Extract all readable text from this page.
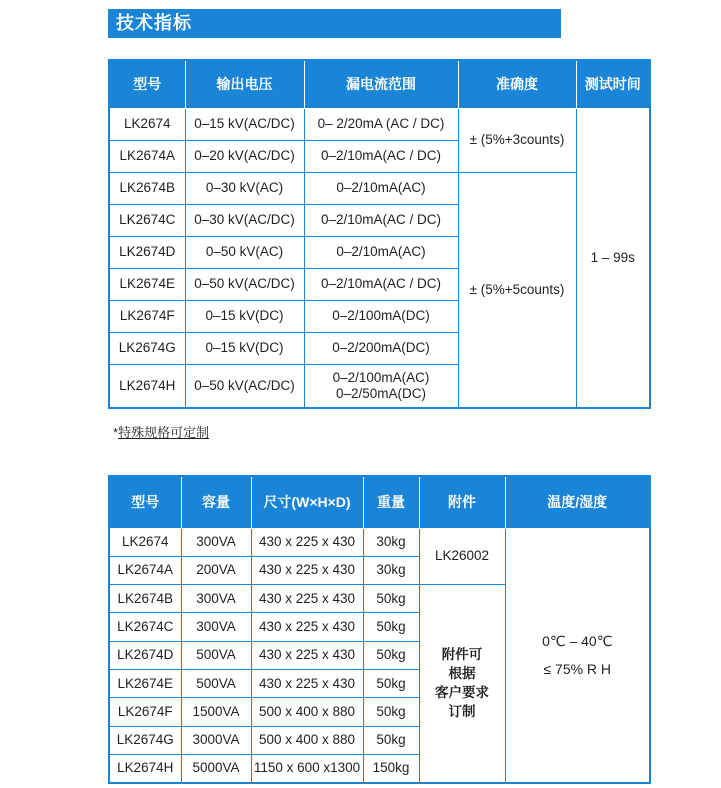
技术指标
型号	输出电压	漏电流范围	准确度	测试时间
LK2674	0–15 kV(AC/DC)	0– 2/20mA (AC / DC)	± (5%+3counts)	1 – 99s
LK2674A	0–20 kV(AC/DC)	0–2/10mA(AC / DC)		
LK2674B	0–30 kV(AC)	0–2/10mA(AC)	± (5%+5counts)	
LK2674C	0–30 kV(AC/DC)	0–2/10mA(AC / DC)		
LK2674D	0–50 kV(AC)	0–2/10mA(AC)		
LK2674E	0–50 kV(AC/DC)	0–2/10mA(AC / DC)		
LK2674F	0–15 kV(DC)	0–2/100mA(DC)		
LK2674G	0–15 kV(DC)	0–2/200mA(DC)		
LK2674H	0–50 kV(AC/DC)	0–2/100mA(AC)
0–2/50mA(DC)		
*特殊规格可定制
型号	容量	尺寸(W×H×D)	重量	附件	温度/湿度
LK2674	300VA	430 x 225 x 430	30kg	LK26002	0℃ – 40℃
≤ 75% R H

LK2674A	200VA	430 x 225 x 430	30kg		
LK2674B	300VA	430 x 225 x 430	50kg	附件可
根据
客户要求
订制	

LK2674C	300VA	430 x 225 x 430	50kg		
LK2674D	500VA	430 x 225 x 430	50kg		
LK2674E	500VA	430 x 225 x 430	50kg		
LK2674F	1500VA	500 x 400 x 880	50kg		
LK2674G	3000VA	500 x 400 x 880	50kg		
LK2674H	5000VA	1150 x 600 x1300	150kg		
